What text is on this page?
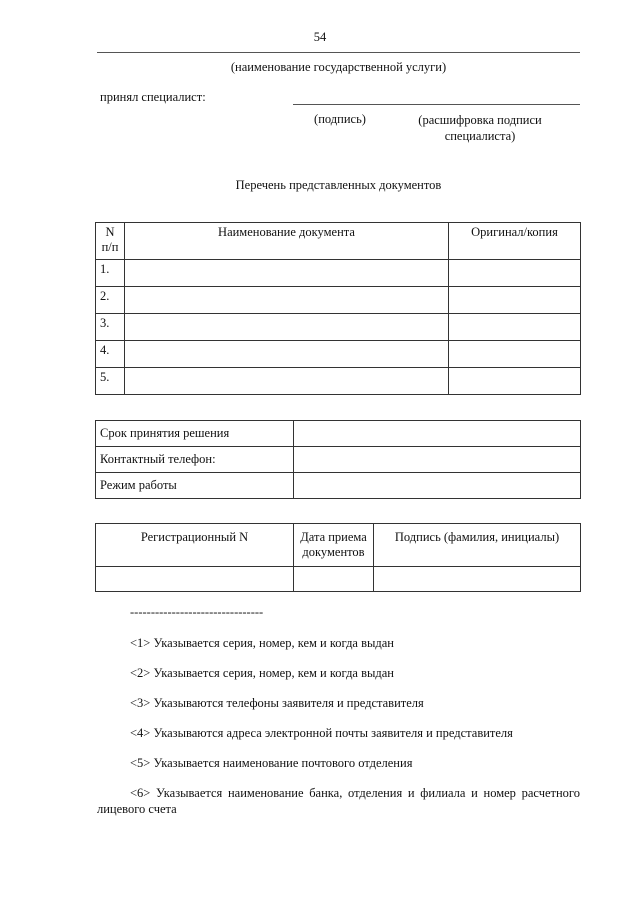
54
(наименование государственной услуги)
принял специалист:
(подпись)	(расшифровка подписи специалиста)
Перечень представленных документов
N п/п	Наименование документа	Оригинал/копия
1.		
2.		
3.		
4.		
5.		
Срок принятия решения	
Контактный телефон:	
Режим работы	
Регистрационный N	Дата приема документов	Подпись (фамилия, инициалы)

--------------------------------
<1> Указывается серия, номер, кем и когда выдан
<2> Указывается серия, номер, кем и когда выдан
<3> Указываются телефоны заявителя и представителя
<4> Указываются адреса электронной почты заявителя и представителя
<5> Указывается наименование почтового отделения
<6> Указывается наименование банка, отделения и филиала и номер расчетного лицевого счета
